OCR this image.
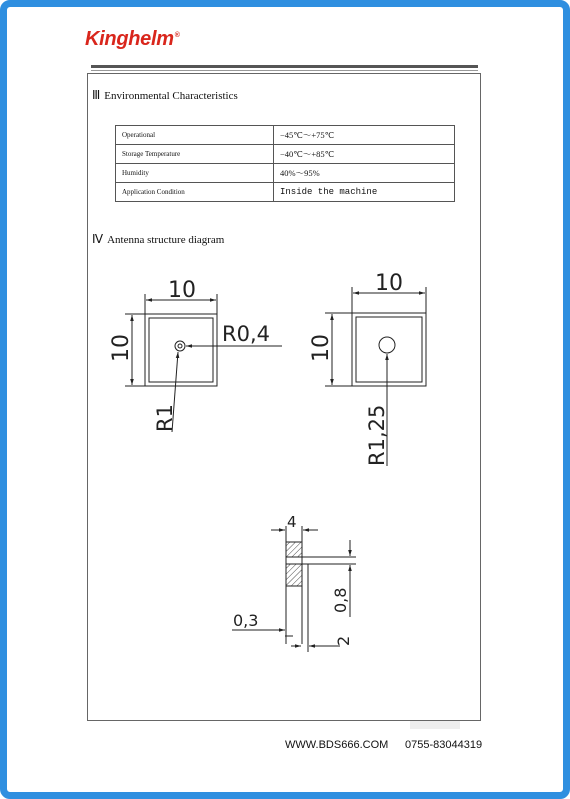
Kinghelm®
Ⅲ Environmental Characteristics
Operational	−45℃～+75℃
Storage Temperature	−40℃～+85℃
Humidity	40%～95%
Application Condition	Inside the machine
Ⅳ Antenna structure diagram
10
10	R0,4
R1
10
10
R1,25
4
0,8
0,3
2
WWW.BDS666.COM 0755-83044319
